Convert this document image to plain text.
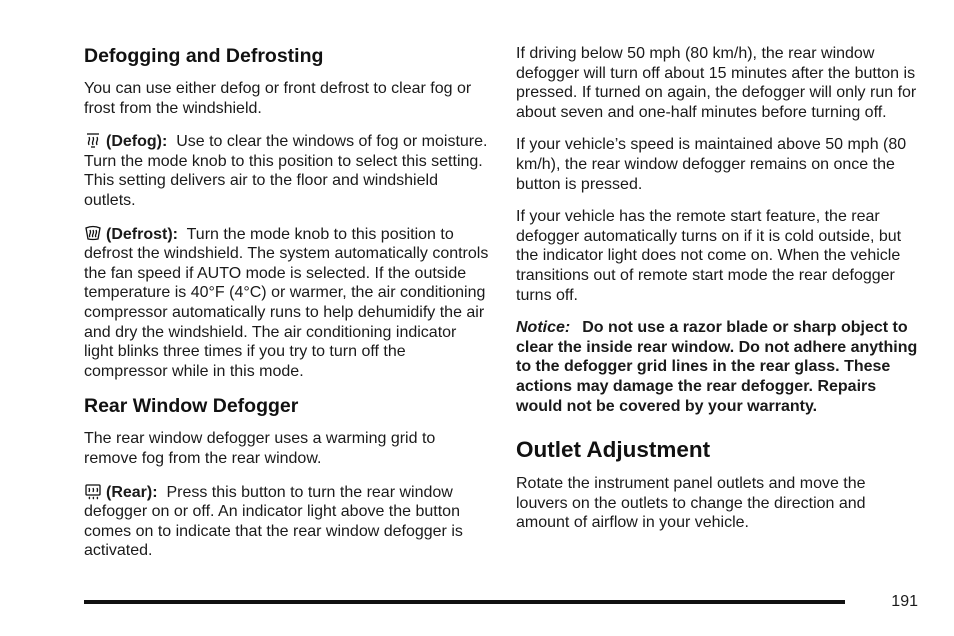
Defogging and Defrosting

You can use either defog or front defrost to clear fog or frost from the windshield.

(Defog): Use to clear the windows of fog or moisture. Turn the mode knob to this position to select this setting. This setting delivers air to the floor and windshield outlets.

(Defrost): Turn the mode knob to this position to defrost the windshield. The system automatically controls the fan speed if AUTO mode is selected. If the outside temperature is 40°F (4°C) or warmer, the air conditioning compressor automatically runs to help dehumidify the air and dry the windshield. The air conditioning indicator light blinks three times if you try to turn off the compressor while in this mode.

Rear Window Defogger

The rear window defogger uses a warming grid to remove fog from the rear window.

(Rear): Press this button to turn the rear window defogger on or off. An indicator light above the button comes on to indicate that the rear window defogger is activated.

If driving below 50 mph (80 km/h), the rear window defogger will turn off about 15 minutes after the button is pressed. If turned on again, the defogger will only run for about seven and one-half minutes before turning off.

If your vehicle’s speed is maintained above 50 mph (80 km/h), the rear window defogger remains on once the button is pressed.

If your vehicle has the remote start feature, the rear defogger automatically turns on if it is cold outside, but the indicator light does not come on. When the vehicle transitions out of remote start mode the rear defogger turns off.

Notice: Do not use a razor blade or sharp object to clear the inside rear window. Do not adhere anything to the defogger grid lines in the rear glass. These actions may damage the rear defogger. Repairs would not be covered by your warranty.

Outlet Adjustment

Rotate the instrument panel outlets and move the louvers on the outlets to change the direction and amount of airflow in your vehicle.

191
